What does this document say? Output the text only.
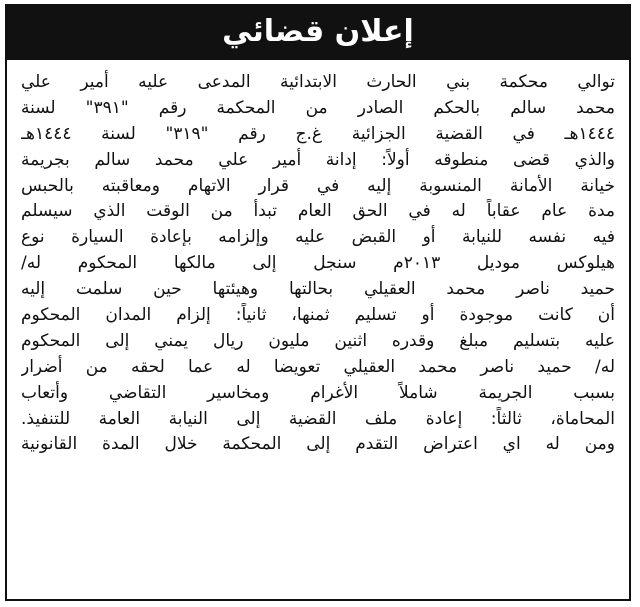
إعلان قضائي
توالي محكمة بني الحارث الابتدائية المدعى عليه أمير علي
محمد سالم بالحكم الصادر من المحكمة رقم "٣٩١" لسنة
١٤٤٤هـ في القضية الجزائية غ.ج رقم "٣١٩" لسنة ١٤٤٤هـ
والذي قضى منطوقه أولاً: إدانة أمير علي محمد سالم بجريمة
خيانة الأمانة المنسوبة إليه في قرار الاتهام ومعاقبته بالحبس
مدة عام عقاباً له في الحق العام تبدأ من الوقت الذي سيسلم
فيه نفسه للنيابة أو القبض عليه وإلزامه بإعادة السيارة نوع
هيلوكس موديل ٢٠١٣م سنجل إلى مالكها المحكوم له/
حميد ناصر محمد العقيلي بحالتها وهيئتها حين سلمت إليه
أن كانت موجودة أو تسليم ثمنها، ثانياً: إلزام المدان المحكوم
عليه بتسليم مبلغ وقدره اثنين مليون ريال يمني إلى المحكوم
له/ حميد ناصر محمد العقيلي تعويضا له عما لحقه من أضرار
بسبب الجريمة شاملاً الأغرام ومخاسير التقاضي وأتعاب
المحاماة، ثالثاً: إعادة ملف القضية إلى النيابة العامة للتنفيذ.
ومن له اي اعتراض التقدم إلى المحكمة خلال المدة القانونية
